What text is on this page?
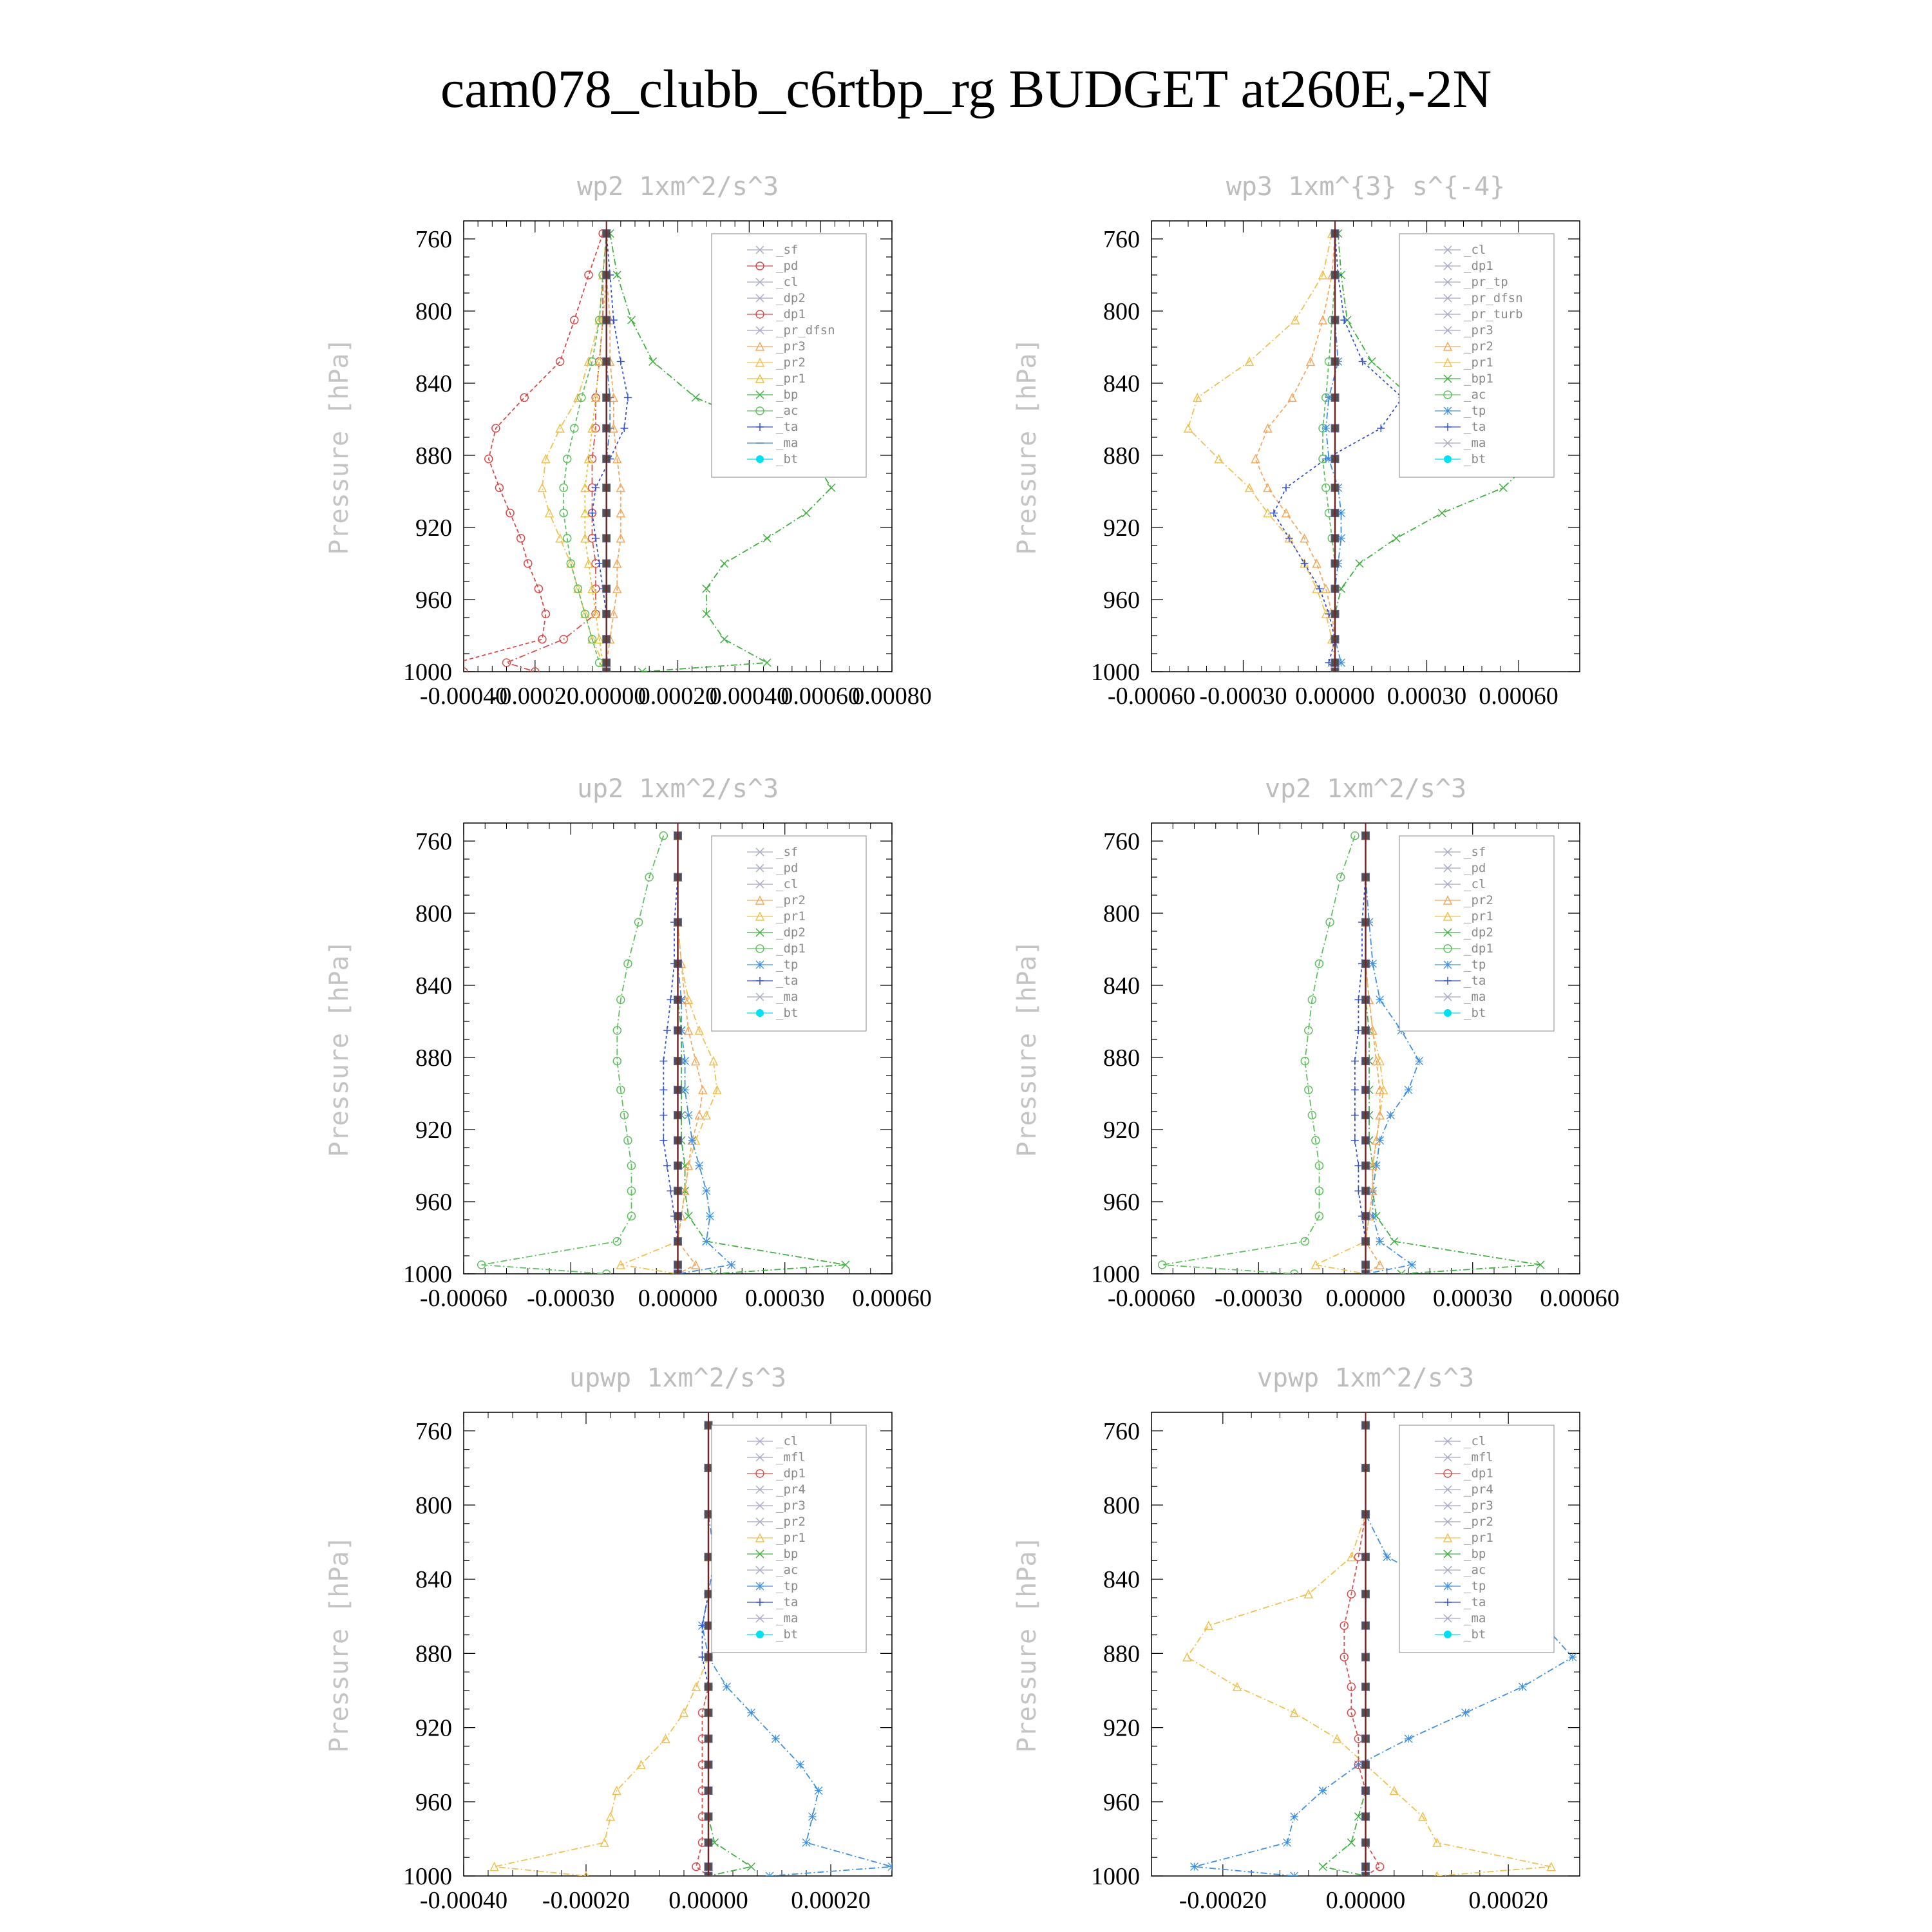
cam078_clubb_c6rtbp_rg BUDGET at260E,-2N
wp2 1xm^2/s^3
Pressure [hPa]
760
800
840
880
920
960
1000
-0.00040
-0.00020
0.00000
0.00020
0.00040
0.00060
0.00080
_sf
_pd
_cl
_dp2
_dp1
_pr_dfsn
_pr3
_pr2
_pr1
_bp
_ac
_ta
_ma
_bt
wp3 1xm^{3} s^{-4}
Pressure [hPa]
760
800
840
880
920
960
1000
-0.00060 -0.00030 0.00000 0.00030 0.00060
_cl
_dp1
_pr_tp
_pr_dfsn
_pr_turb
_pr3
_pr2
_pr1
_bp1
_ac
_tp
_ta
_ma
_bt
up2 1xm^2/s^3
Pressure [hPa]
760
800
840
880
920
960
1000
-0.00060 -0.00030 0.00000 0.00030 0.00060
_sf
_pd
_cl
_pr2
_pr1
_dp2
_dp1
_tp
_ta
_ma
_bt
vp2 1xm^2/s^3
Pressure [hPa]
760
800
840
880
920
960
1000
-0.00060 -0.00030 0.00000 0.00030 0.00060
_sf
_pd
_cl
_pr2
_pr1
_dp2
_dp1
_tp
_ta
_ma
_bt
upwp 1xm^2/s^3
Pressure [hPa]
760
800
840
880
920
960
1000
-0.00040 -0.00020 0.00000 0.00020
_cl
_mfl
_dp1
_pr4
_pr3
_pr2
_pr1
_bp
_ac
_tp
_ta
_ma
_bt
vpwp 1xm^2/s^3
Pressure [hPa]
760
800
840
880
920
960
1000
-0.00020 0.00000	0.00020
_cl
_mfl
_dp1
_pr4
_pr3
_pr2
_pr1
_bp
_ac
_tp
_ta
_ma
_bt
